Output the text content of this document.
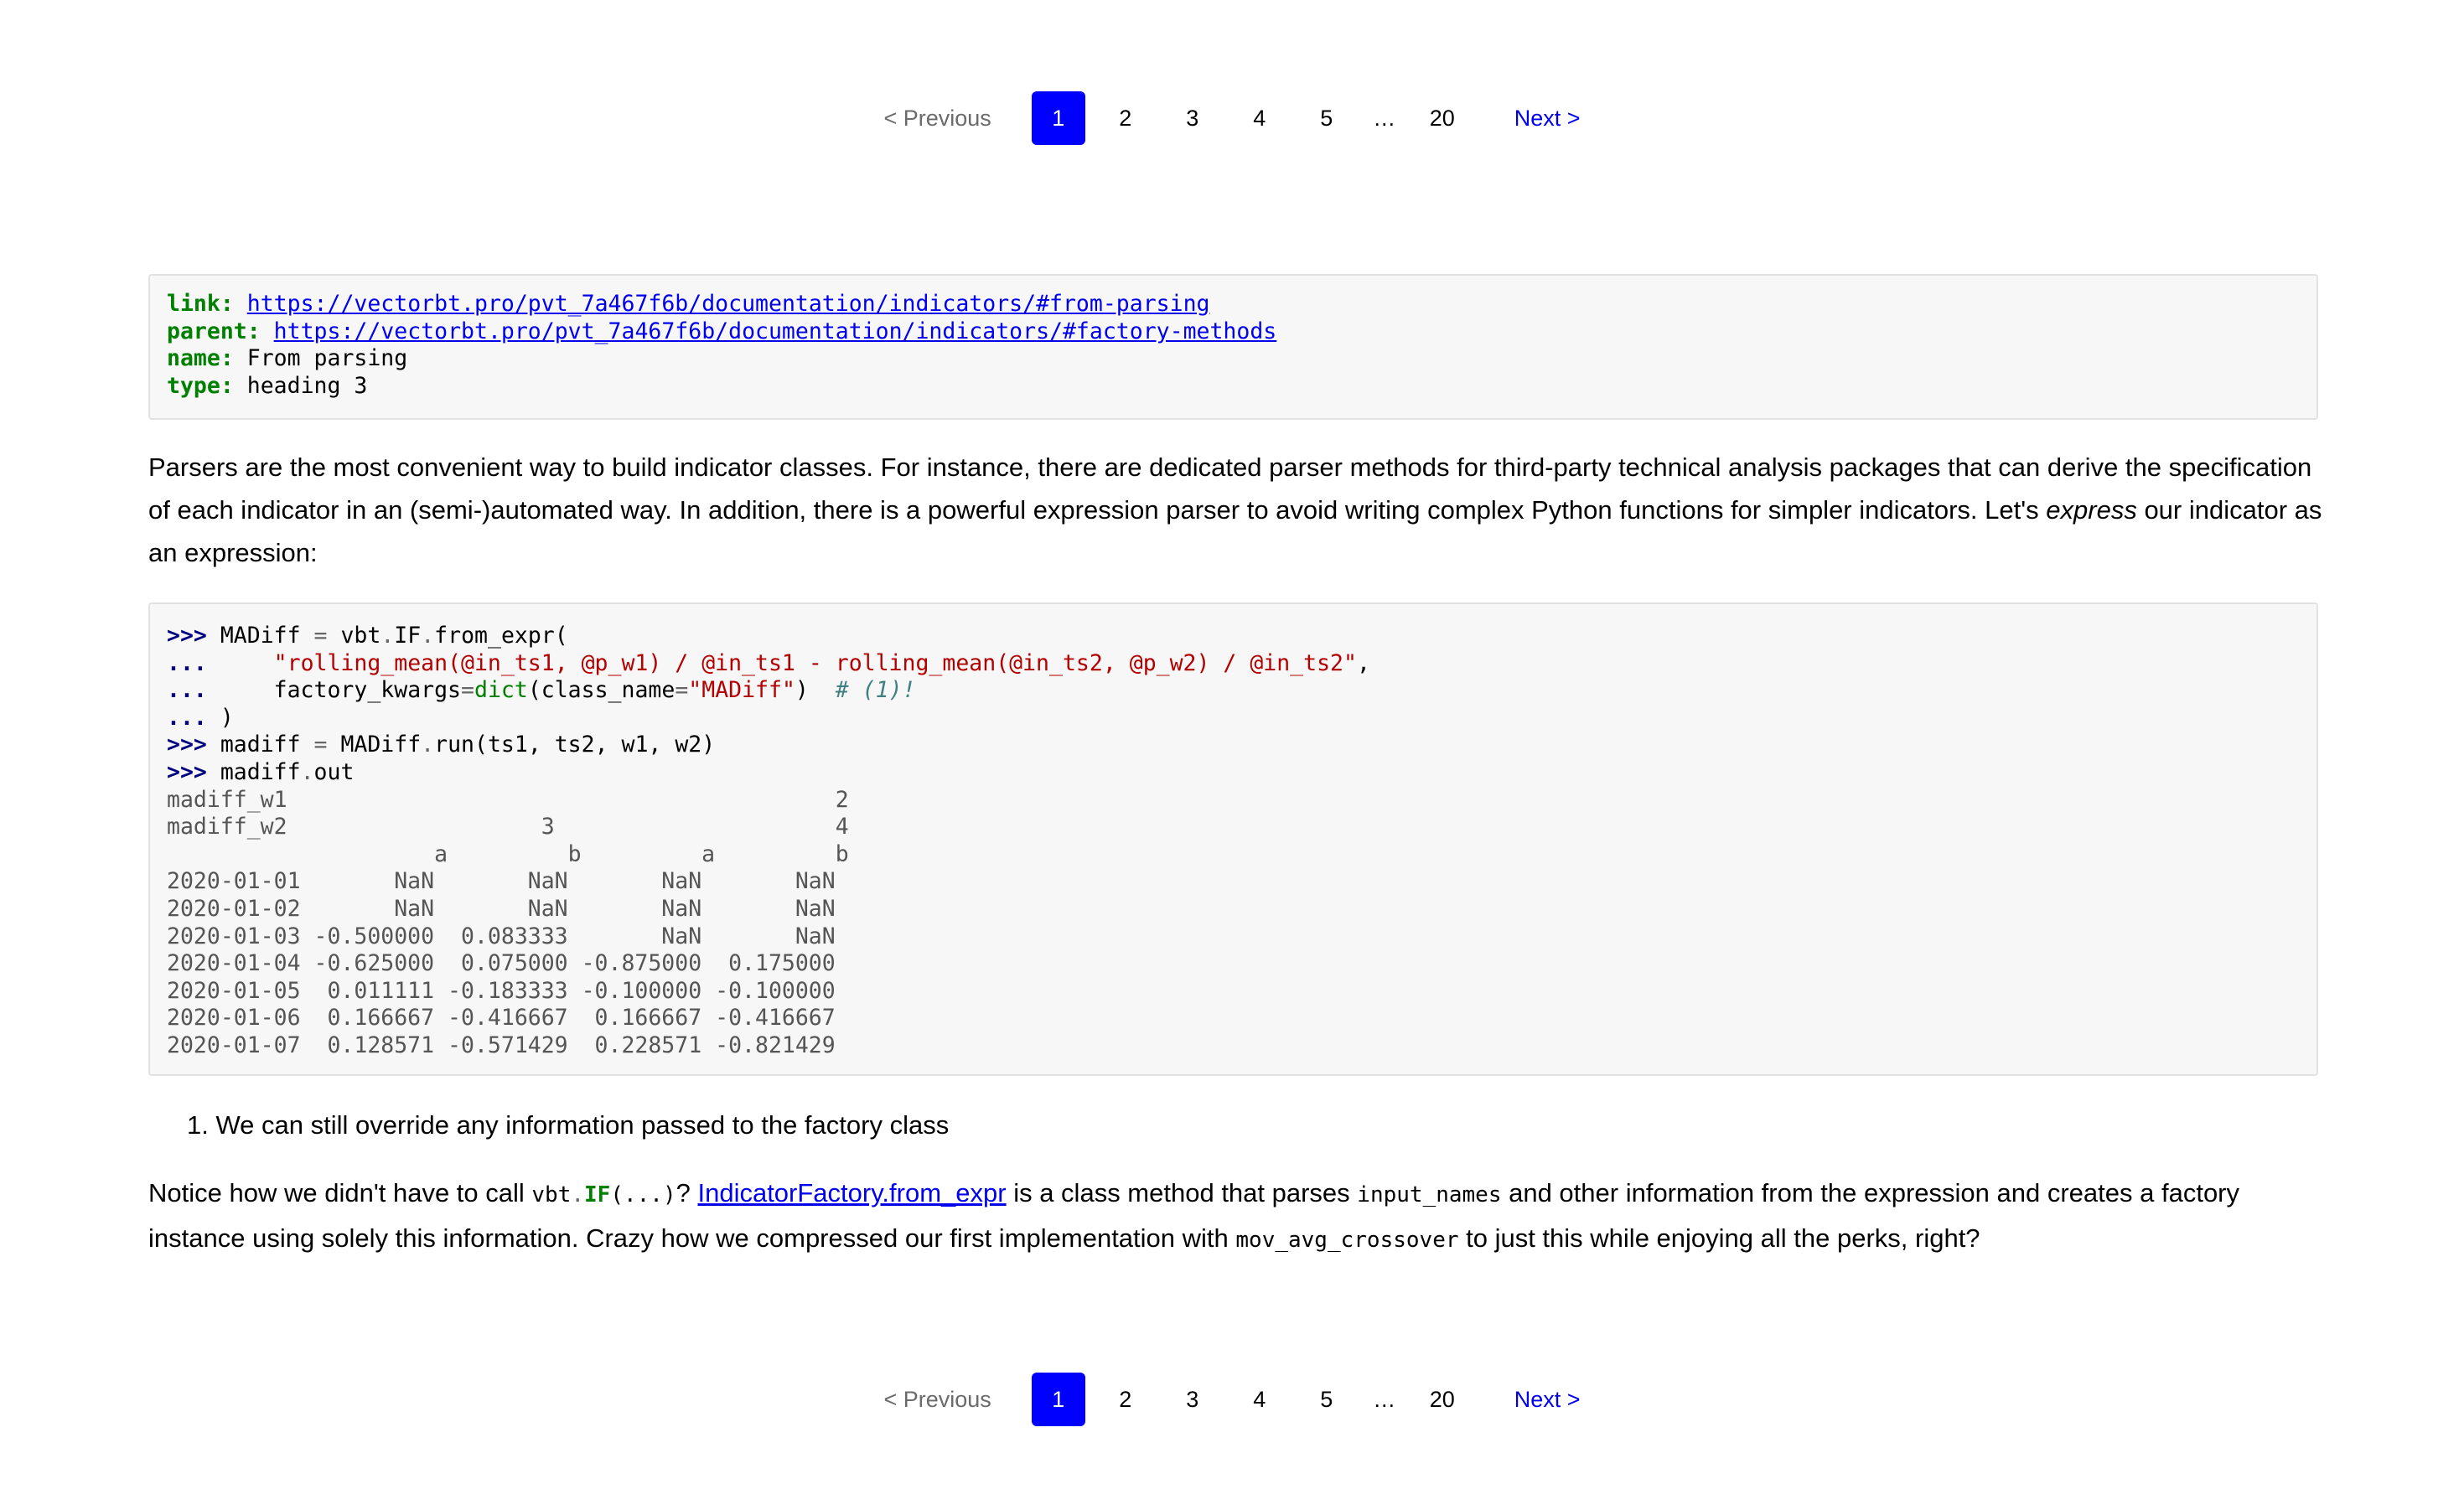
< Previous	1	2	3	4	5	…	20	Next >
link: https://vectorbt.pro/pvt_7a467f6b/documentation/indicators/#from-parsing
parent: https://vectorbt.pro/pvt_7a467f6b/documentation/indicators/#factory-methods
name: From parsing
type: heading 3

Parsers are the most convenient way to build indicator classes. For instance, there are dedicated parser methods for third-party technical analysis packages that can derive the specification of each indicator in an (semi-)automated way. In addition, there is a powerful expression parser to avoid writing complex Python functions for simpler indicators. Let's express our indicator as an expression:

>>> MADiff = vbt.IF.from_expr(
...	"rolling_mean(@in_ts1, @p_w1) / @in_ts1 - rolling_mean(@in_ts2, @p_w2) / @in_ts2",
...     factory_kwargs=dict(class_name="MADiff")  # (1)!
... )
>>> madiff = MADiff.run(ts1, ts2, w1, w2)
>>> madiff.out
madiff_w1                                         2
madiff_w2                   3                     4
a         b         a         b
2020-01-01       NaN       NaN       NaN       NaN
2020-01-02       NaN       NaN       NaN       NaN
2020-01-03 -0.500000  0.083333       NaN       NaN
2020-01-04 -0.625000  0.075000 -0.875000  0.175000
2020-01-05  0.011111 -0.183333 -0.100000 -0.100000
2020-01-06  0.166667 -0.416667  0.166667 -0.416667
2020-01-07  0.128571 -0.571429  0.228571 -0.821429
1. We can still override any information passed to the factory class

Notice how we didn't have to call vbt.IF(...)? IndicatorFactory.from_expr is a class method that parses input_names and other information from the expression and creates a factory instance using solely this information. Crazy how we compressed our first implementation with mov_avg_crossover to just this while enjoying all the perks, right?

< Previous	1	2	3	4	5	…	20	Next >
